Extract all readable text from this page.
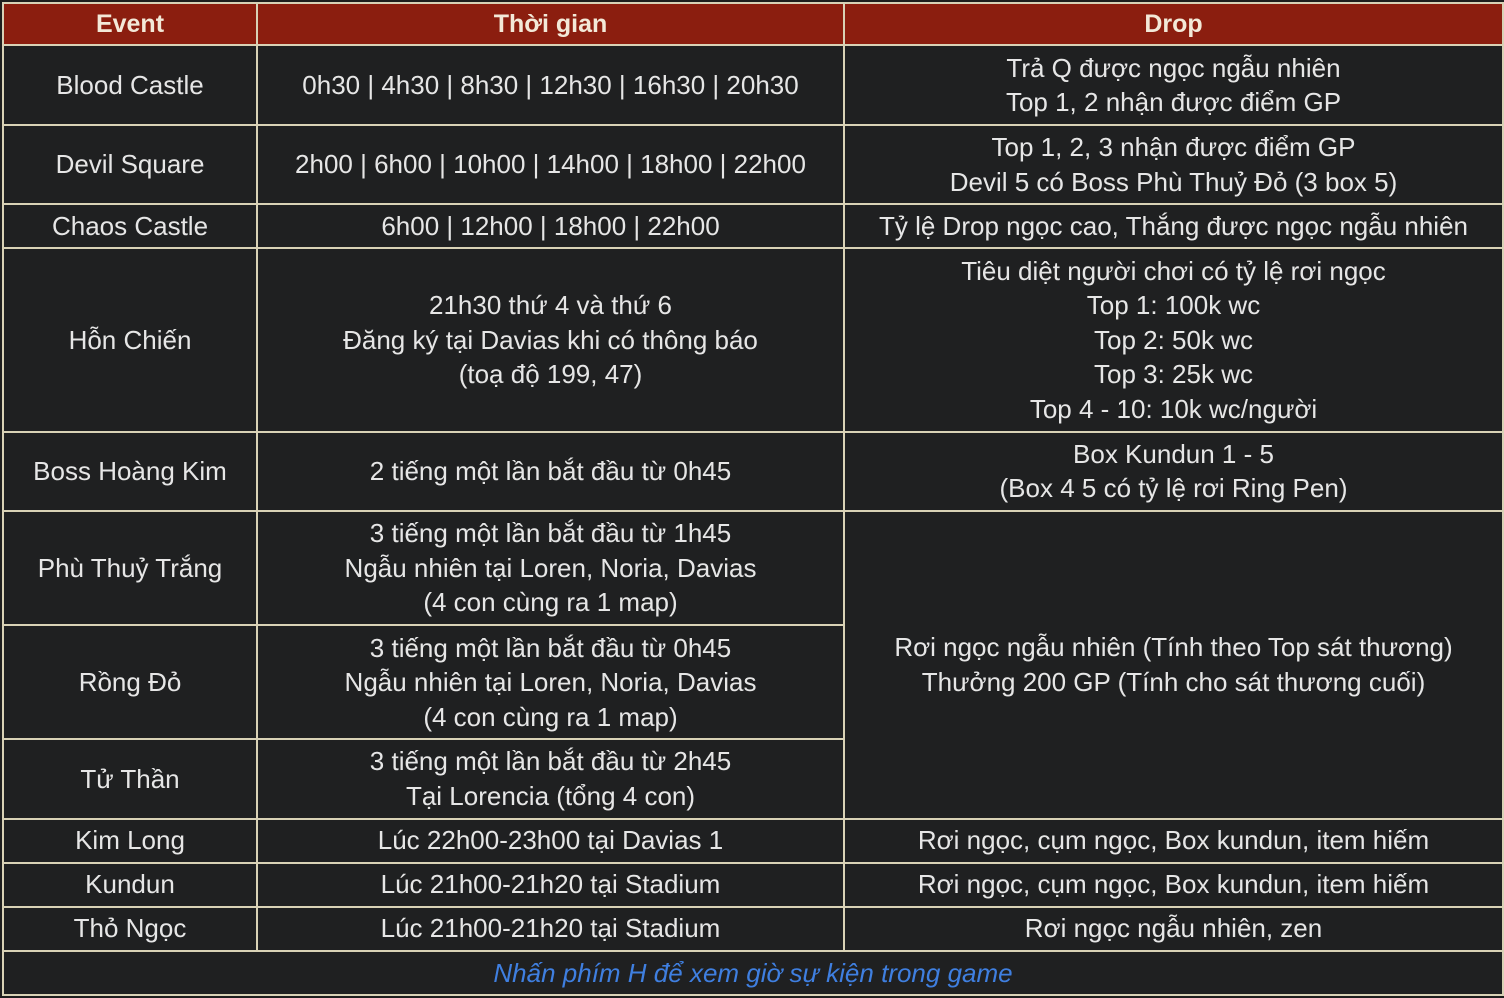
Event	Thời gian	Drop
Blood Castle	0h30 | 4h30 | 8h30 | 12h30 | 16h30 | 20h30	Trả Q được ngọc ngẫu nhiên
Top 1, 2 nhận được điểm GP

Devil Square	2h00 | 6h00 | 10h00 | 14h00 | 18h00 | 22h00	Top 1, 2, 3 nhận được điểm GP
Devil 5 có Boss Phù Thuỷ Đỏ (3 box 5)

Chaos Castle	6h00 | 12h00 | 18h00 | 22h00	Tỷ lệ Drop ngọc cao, Thắng được ngọc ngẫu nhiên

Hỗn Chiến	21h30 thứ 4 và thứ 6
Đăng ký tại Davias khi có thông báo
(toạ độ 199, 47)	Tiêu diệt người chơi có tỷ lệ rơi ngọc
Top 1: 100k wc
Top 2: 50k wc
Top 3: 25k wc
Top 4 - 10: 10k wc/người

Boss Hoàng Kim	2 tiếng một lần bắt đầu từ 0h45	Box Kundun 1 - 5
(Box 4 5 có tỷ lệ rơi Ring Pen)

Phù Thuỷ Trắng	3 tiếng một lần bắt đầu từ 1h45
Ngẫu nhiên tại Loren, Noria, Davias
(4 con cùng ra 1 map)	Rơi ngọc ngẫu nhiên (Tính theo Top sát thương)
Thưởng 200 GP (Tính cho sát thương cuối)

Rồng Đỏ	3 tiếng một lần bắt đầu từ 0h45
Ngẫu nhiên tại Loren, Noria, Davias
(4 con cùng ra 1 map)	

Tử Thần	3 tiếng một lần bắt đầu từ 2h45
Tại Lorencia (tổng 4 con)	

Kim Long	Lúc 22h00-23h00 tại Davias 1	Rơi ngọc, cụm ngọc, Box kundun, item hiếm

Kundun	Lúc 21h00-21h20 tại Stadium	Rơi ngọc, cụm ngọc, Box kundun, item hiếm

Thỏ Ngọc	Lúc 21h00-21h20 tại Stadium	Rơi ngọc ngẫu nhiên, zen

Nhấn phím H để xem giờ sự kiện trong game		
